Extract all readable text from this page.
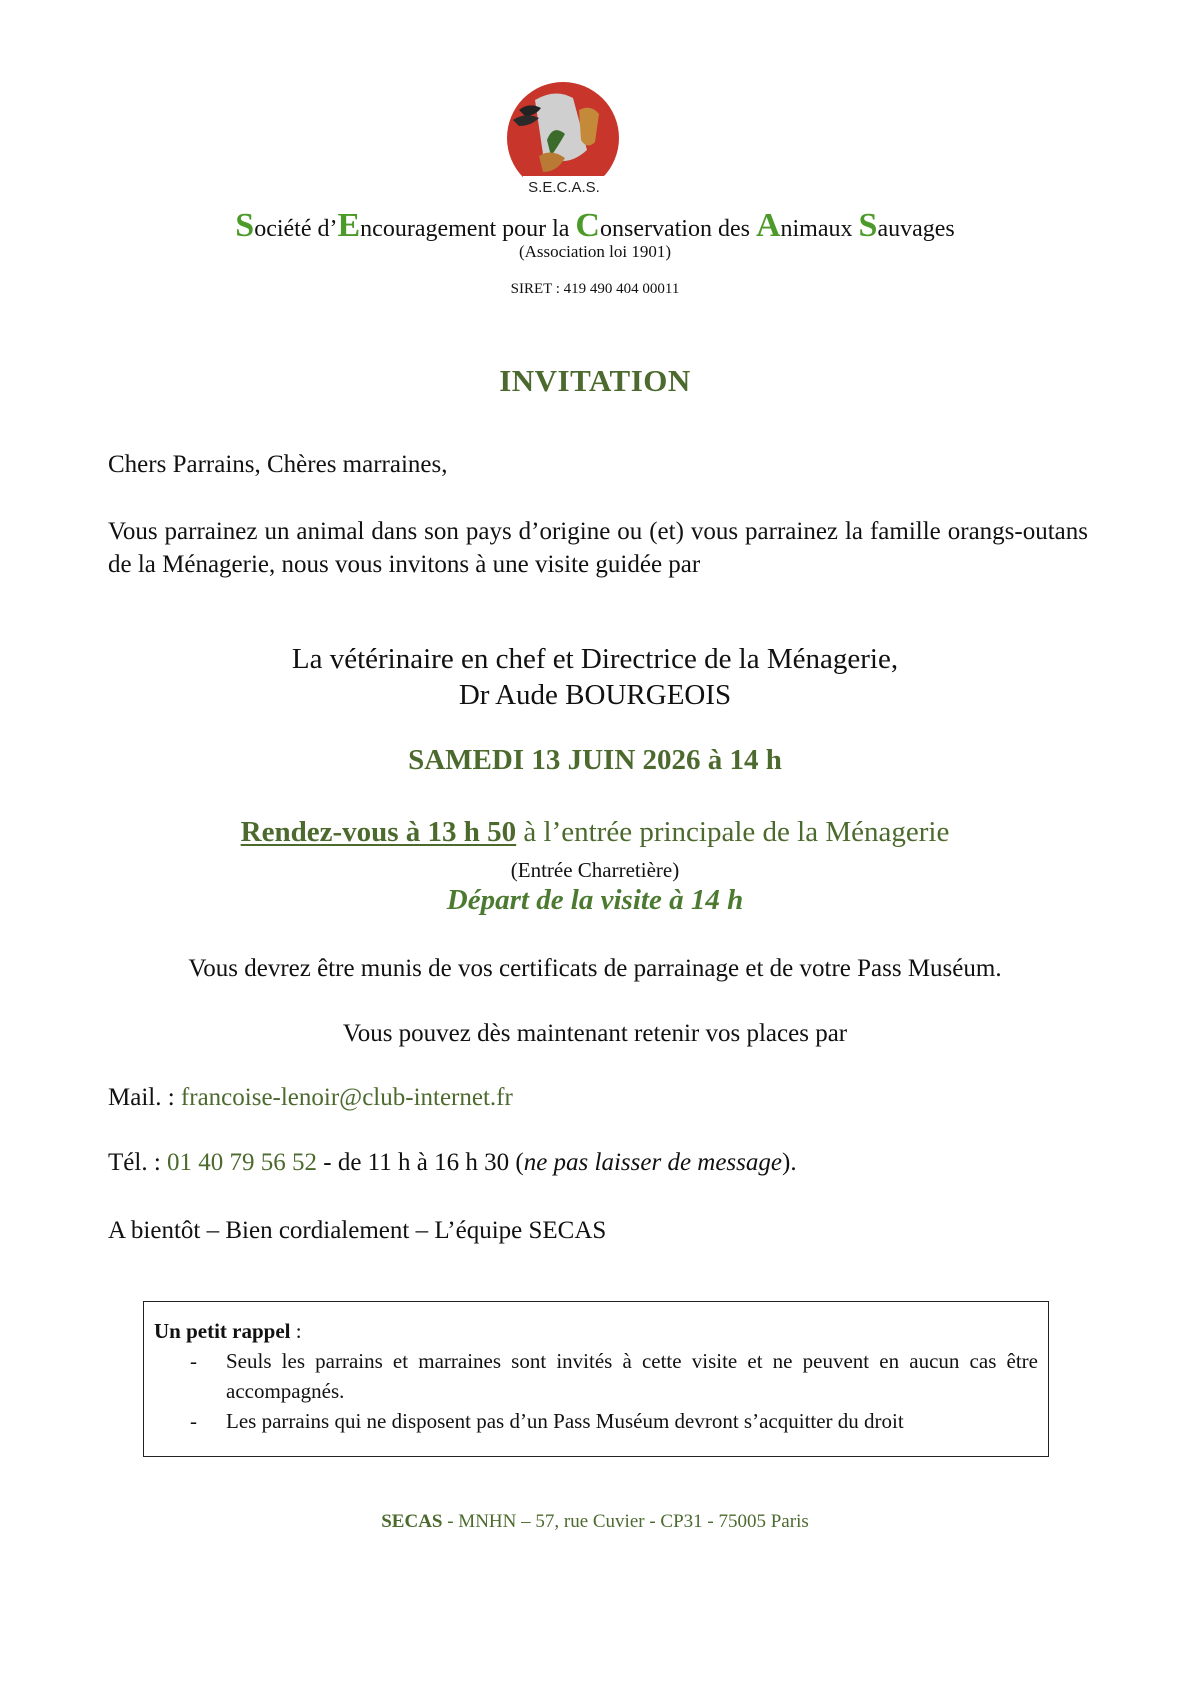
S.E.C.A.S.
Société d’Encouragement pour la Conservation des Animaux Sauvages
(Association loi 1901)
SIRET : 419 490 404 00011
INVITATION
Chers Parrains, Chères marraines,
Vous parrainez un animal dans son pays d’origine ou (et) vous parrainez la famille orangs-outans de la Ménagerie, nous vous invitons à une visite guidée par
La vétérinaire en chef et Directrice de la Ménagerie,
Dr Aude BOURGEOIS
SAMEDI 13 JUIN 2026 à 14 h
Rendez-vous à 13 h 50 à l’entrée principale de la Ménagerie
(Entrée Charretière)
Départ de la visite à 14 h
Vous devrez être munis de vos certificats de parrainage et de votre Pass Muséum.
Vous pouvez dès maintenant retenir vos places par
Mail. : francoise-lenoir@club-internet.fr
Tél. : 01 40 79 56 52 - de 11 h à 16 h 30 (ne pas laisser de message).
A bientôt – Bien cordialement – L’équipe SECAS
Un petit rappel :
-	Seuls les parrains et marraines sont invités à cette visite et ne peuvent en aucun cas être accompagnés.
-	Les parrains qui ne disposent pas d’un Pass Muséum devront s’acquitter du droit
SECAS - MNHN – 57, rue Cuvier - CP31 - 75005 Paris
